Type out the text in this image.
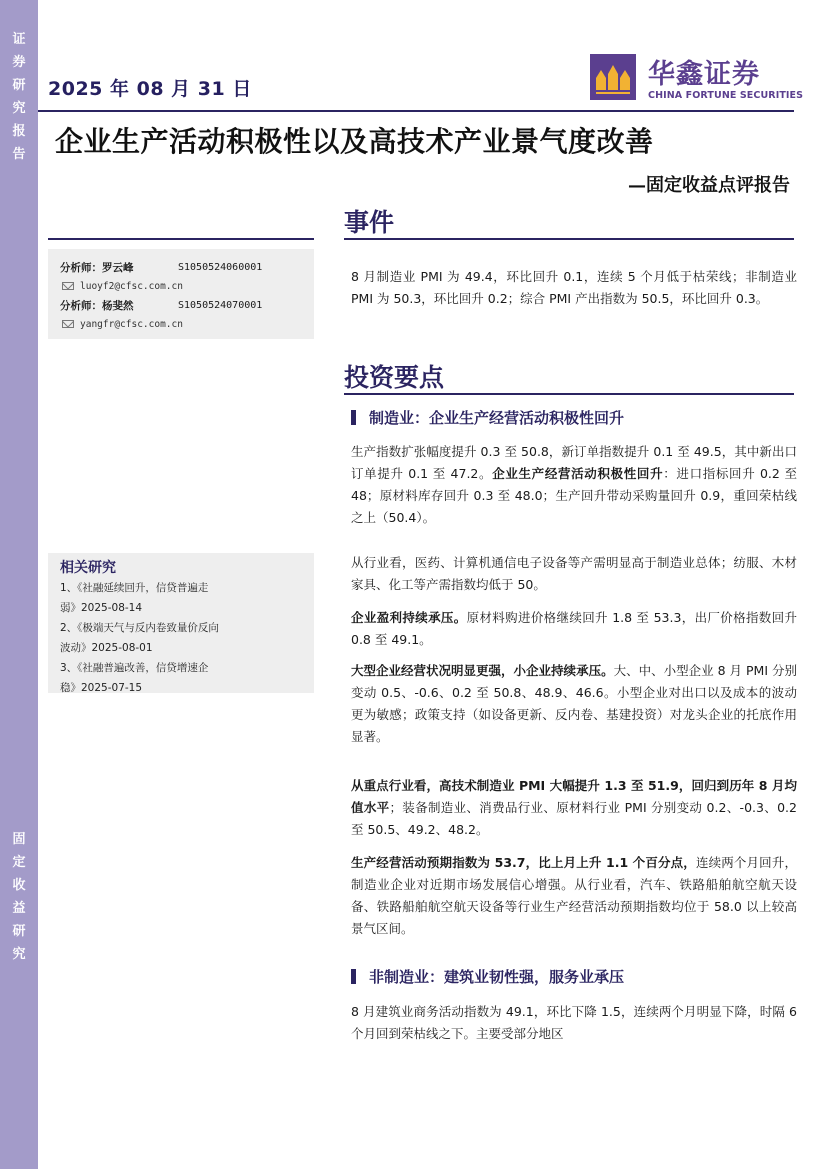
证
券
研
究
报
告
固
定
收
益
研
究
2025 年 08 月 31 日	华鑫证券
CHINA FORTUNE SECURITIES
企业生产活动积极性以及高技术产业景气度改善
—固定收益点评报告
分析师：罗云峰	S1050524060001
luoyf2@cfsc.com.cn
分析师：杨斐然	S1050524070001
yangfr@cfsc.com.cn
相关研究
1、《社融延续回升，信贷普遍走
弱》2025-08-14
2、《极端天气与反内卷致量价反向
波动》2025-08-01
3、《社融普遍改善，信贷增速企
稳》2025-07-15
事件
8 月制造业 PMI 为 49.4，环比回升 0.1，连续 5 个月低于枯荣线；非制造业 PMI 为 50.3，环比回升 0.2；综合 PMI 产出指数为 50.5，环比回升 0.3。
投资要点
制造业：企业生产经营活动积极性回升
生产指数扩张幅度提升 0.3 至 50.8，新订单指数提升 0.1 至 49.5，其中新出口订单提升 0.1 至 47.2。企业生产经营活动积极性回升：进口指标回升 0.2 至 48；原材料库存回升 0.3 至 48.0；生产回升带动采购量回升 0.9，重回荣枯线之上（50.4）。
从行业看，医药、计算机通信电子设备等产需明显高于制造业总体；纺服、木材家具、化工等产需指数均低于 50。
企业盈利持续承压。原材料购进价格继续回升 1.8 至 53.3，出厂价格指数回升 0.8 至 49.1。
大型企业经营状况明显更强，小企业持续承压。大、中、小型企业 8 月 PMI 分别变动 0.5、-0.6、0.2 至 50.8、48.9、46.6。小型企业对出口以及成本的波动更为敏感；政策支持（如设备更新、反内卷、基建投资）对龙头企业的托底作用显著。
从重点行业看，高技术制造业 PMI 大幅提升 1.3 至 51.9，回归到历年 8 月均值水平；装备制造业、消费品行业、原材料行业 PMI 分别变动 0.2、-0.3、0.2 至 50.5、49.2、48.2。
生产经营活动预期指数为 53.7，比上月上升 1.1 个百分点，连续两个月回升，制造业企业对近期市场发展信心增强。从行业看，汽车、铁路船舶航空航天设备、铁路船舶航空航天设备等行业生产经营活动预期指数均位于 58.0 以上较高景气区间。
非制造业：建筑业韧性强，服务业承压
8 月建筑业商务活动指数为 49.1，环比下降 1.5，连续两个月明显下降，时隔 6 个月回到荣枯线之下。主要受部分地区
